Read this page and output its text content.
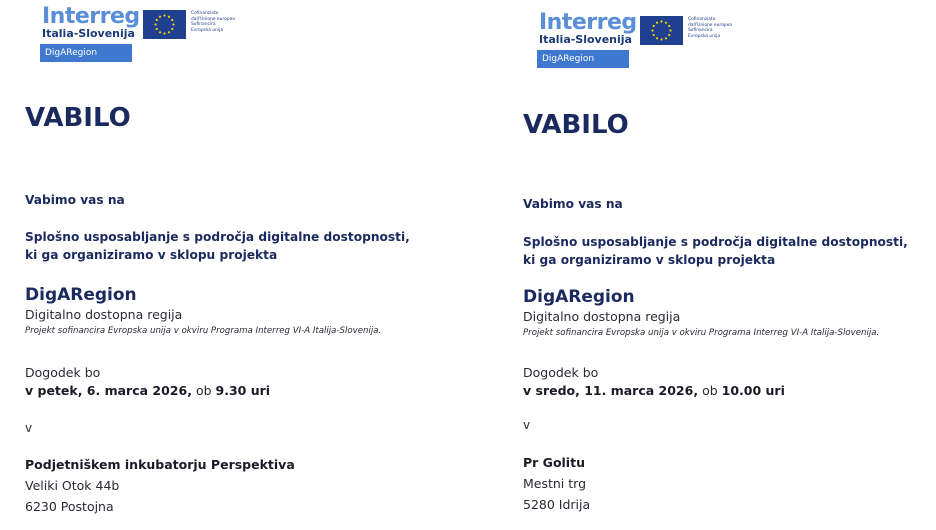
Interreg
Italia-Slovenija
DigARegion
Cofinanziato
dall'Unione europea
Sofinancira
Evropska unija
VABILO
Vabimo vas na
Splošno usposabljanje s področja digitalne dostopnosti,
ki ga organiziramo v sklopu projekta
DigARegion
Digitalno dostopna regija
Projekt sofinancira Evropska unija v okviru Programa Interreg VI-A Italija-Slovenija.
Dogodek bo
v petek, 6. marca 2026, ob 9.30 uri
v
Podjetniškem inkubatorju Perspektiva
Veliki Otok 44b
6230 Postojna
Interreg
Italia-Slovenija
DigARegion
Cofinanziato
dall'Unione europea
Sofinancira
Evropska unija
VABILO
Vabimo vas na
Splošno usposabljanje s področja digitalne dostopnosti,
ki ga organiziramo v sklopu projekta
DigARegion
Digitalno dostopna regija
Projekt sofinancira Evropska unija v okviru Programa Interreg VI-A Italija-Slovenija.
Dogodek bo
v sredo, 11. marca 2026, ob 10.00 uri
v
Pr Golitu
Mestni trg
5280 Idrija
